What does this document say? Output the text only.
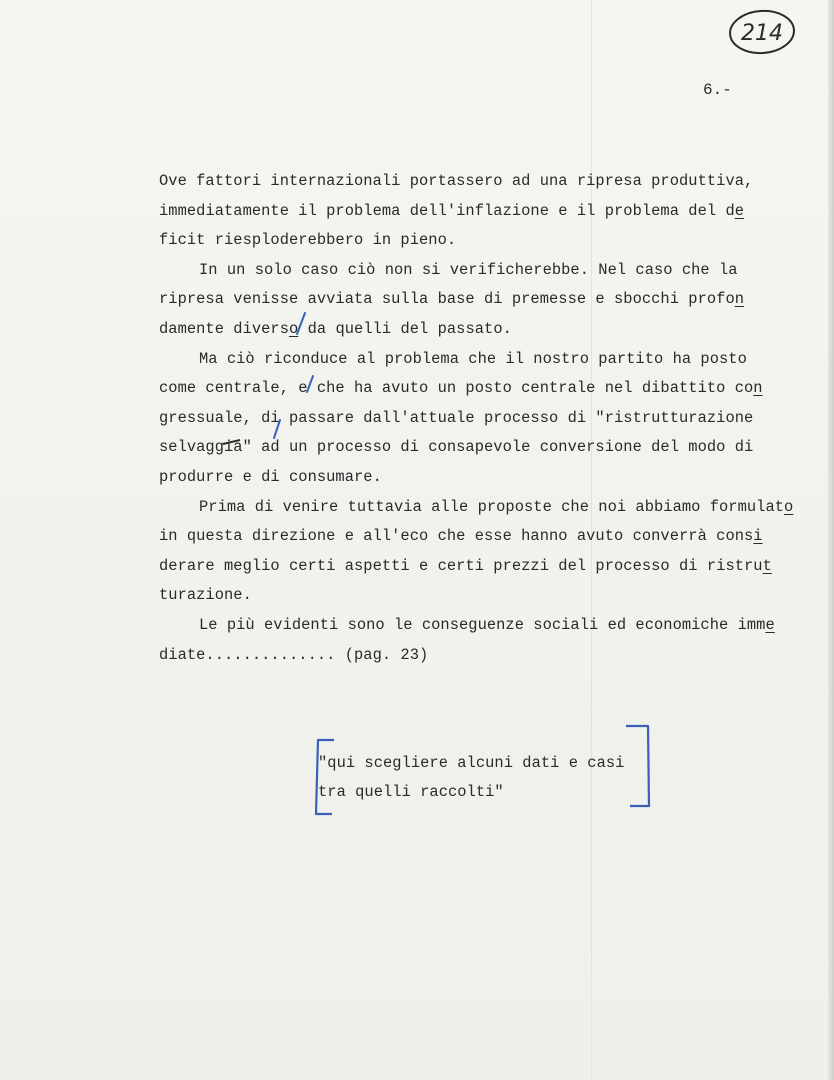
214
6.-
Ove fattori internazionali portassero ad una ripresa produttiva,
immediatamente il problema dell'inflazione e il problema del de
ficit riesploderebbero in pieno.
In un solo caso ciò non si verificherebbe. Nel caso che la
ripresa venisse avviata sulla base di premesse e sbocchi profon
damente diverso da quelli del passato.
Ma ciò riconduce al problema che il nostro partito ha posto
come centrale, e che ha avuto un posto centrale nel dibattito con
gressuale, di passare dall'attuale processo di "ristrutturazione
selvaggia" ad un processo di consapevole conversione del modo di
produrre e di consumare.
Prima di venire tuttavia alle proposte che noi abbiamo formulato
in questa direzione e all'eco che esse hanno avuto converrà consi
derare meglio certi aspetti e certi prezzi del processo di ristrut
turazione.
Le più evidenti sono le conseguenze sociali ed economiche imme
diate.............. (pag. 23)
"qui scegliere alcuni dati e casi
tra quelli raccolti"
